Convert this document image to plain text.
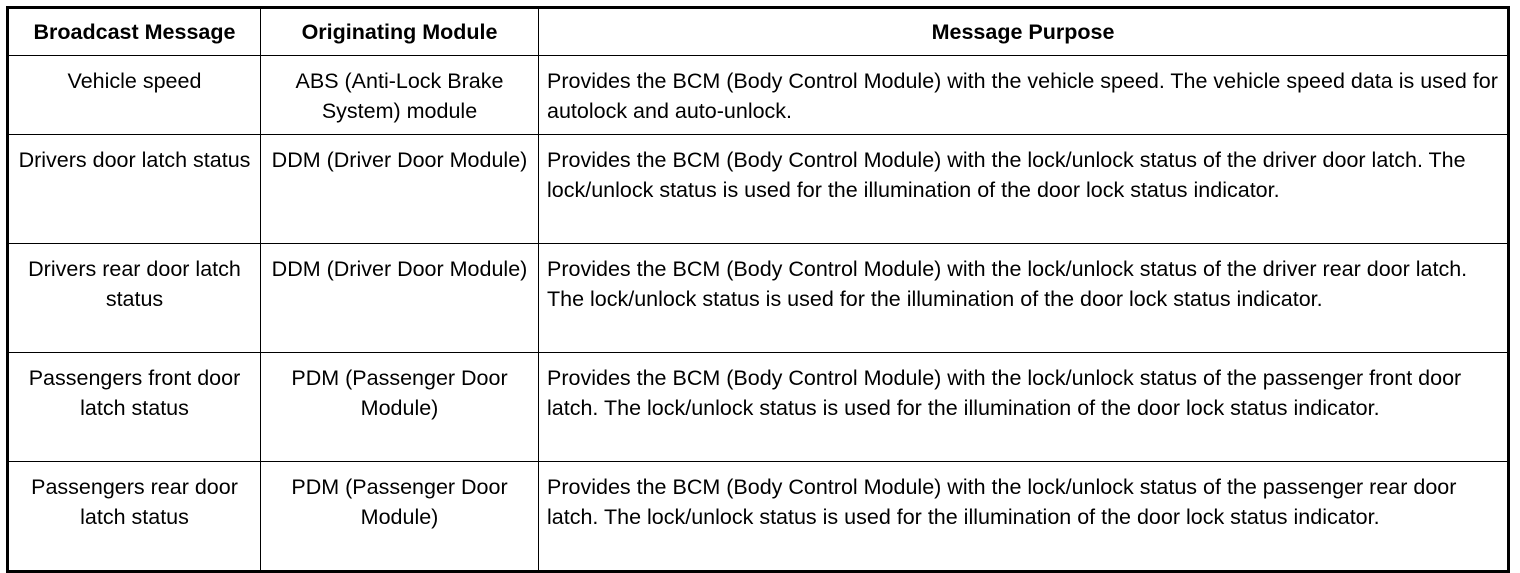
Broadcast Message	Originating Module	Message Purpose
Vehicle speed	ABS (Anti-Lock Brake System) module	Provides the BCM (Body Control Module) with the vehicle speed. The vehicle speed data is used for autolock and auto-unlock.
Drivers door latch status	DDM (Driver Door Module)	Provides the BCM (Body Control Module) with the lock/unlock status of the driver door latch. The lock/unlock status is used for the illumination of the door lock status indicator.
Drivers rear door latch status	DDM (Driver Door Module)	Provides the BCM (Body Control Module) with the lock/unlock status of the driver rear door latch. The lock/unlock status is used for the illumination of the door lock status indicator.
Passengers front door latch status	PDM (Passenger Door Module)	Provides the BCM (Body Control Module) with the lock/unlock status of the passenger front door latch. The lock/unlock status is used for the illumination of the door lock status indicator.
Passengers rear door latch status	PDM (Passenger Door Module)	Provides the BCM (Body Control Module) with the lock/unlock status of the passenger rear door latch. The lock/unlock status is used for the illumination of the door lock status indicator.
